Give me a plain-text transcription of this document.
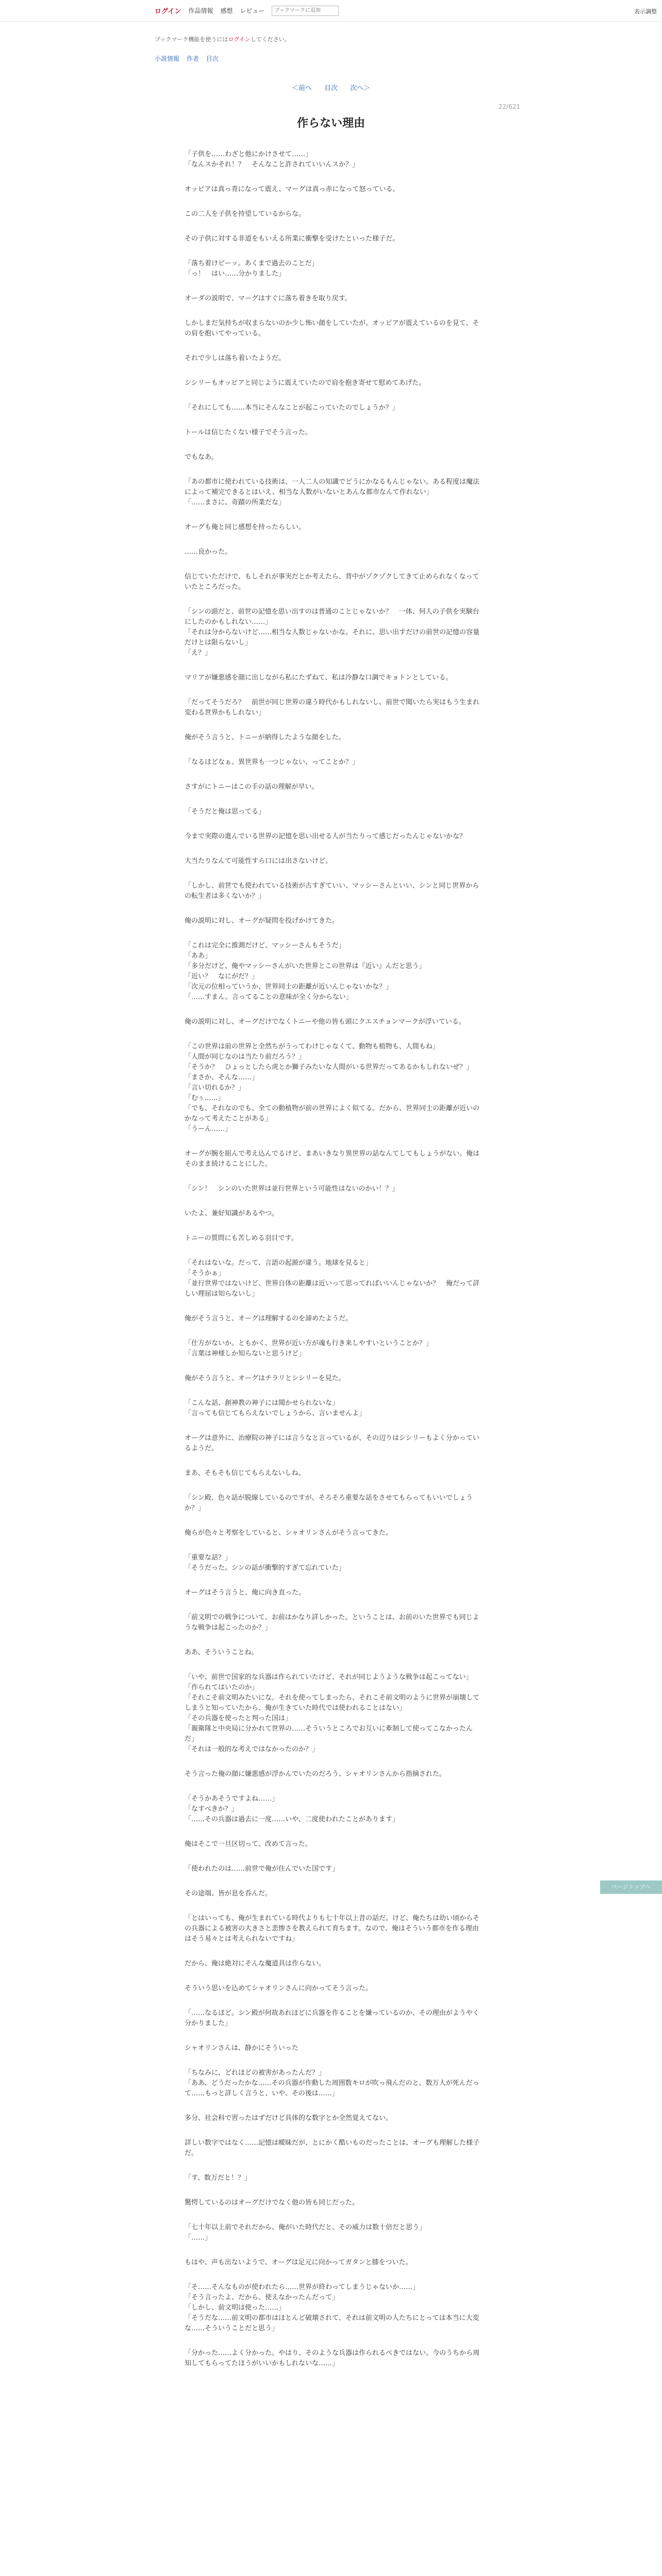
ログイン 作品情報 感想 レビュー
ブックマークに追加	表示調整
ブックマーク機能を使うにはログインしてください。
小説情報 作者 目次
＜前へ 目次 次へ＞
22/621
作らない理由

「子供を……わざと他にかけさせて……」
「なんスかそれ！？　そんなこと許されていいんスか？」

オッピアは真っ青になって震え、マーグは真っ赤になって怒っている。

この二人を子供を持望しているからな。

その子供に対する非道をもいえる所業に衝撃を受けたといった様子だ。

「落ち着けビーッ。あくまで過去のことだ」
「っ！　はい……分かりました」

オーダの説明で、マーグはすぐに落ち着きを取り戻す。

しかしまだ気持ちが収まらないのか少し怖い顔をしていたが、オッピアが震えているのを見て、その肩を抱いてやっている。

それで少しは落ち着いたようだ。

シシリーもオッピアと同じように震えていたので肩を抱き寄せて慰めてあげた。

「それにしても……本当にそんなことが起こっていたのでしょうか？」

トールは信じたくない様子でそう言った。

でもなあ。

「あの都市に使われている技術は、一人二人の知識でどうにかなるもんじゃない。ある程度は魔法によって補完できるとはいえ、相当な人数がいないとあんな都市なんて作れない」
「……まさに、奇蹟の所業だな」

オーグも俺と同じ感想を持ったらしい。

……良かった。

信じていただけで、もしそれが事実だとか考えたら、背中がゾクゾクしてきて止められなくなっていたところだった。

「シンの頭だと、前世の記憶を思い出すのは普通のことじゃないか？　一体、何人の子供を実験台にしたのかもしれない……」
「それは分からないけど……相当な人数じゃないかな。それに、思い出すだけの前世の記憶の容量だけとは限らないし」
「え？」

マリアが嫌悪感を顔に出しながら私にたずねて、私は冷静な口調でキョトンとしている。

「だってそうだろ？　前世が同じ世界の違う時代かもしれないし、前世で聞いたら実はもう生まれ変わる世界かもしれない」

俺がそう言うと、トニーが納得したような顔をした。

「なるほどなぁ。異世界も一つじゃない、ってことか？」

さすがにトニーはこの手の話の理解が早い。

「そうだと俺は思ってる」

今まで実際の進んでいる世界の記憶を思い出せる人が当たりって感じだったんじゃないかな？

大当たりなんて可能性すら口には出さないけど。

「しかし、前世でも使われている技術が古すぎていい、マッシーさんといい、シンと同じ世界からの転生者は多くないか？」

俺の説明に対し、オーグが疑問を投げかけてきた。

「これは完全に推測だけど、マッシーさんもそうだ」
「ああ」
「多分だけど、俺やマッシーさんがいた世界とこの世界は『近い』んだと思う」
「近い？　なにがだ？」
「次元の位相っていうか、世界同士の距離が近いんじゃないかな？」
「……すまん。言ってることの意味が全く分からない」

俺の説明に対し、オーグだけでなくトニーや他の皆も頭にクエスチョンマークが浮いている。

「この世界は前の世界と全然ちがうってわけじゃなくて、動物も植物も、人間もね」
「人間が同じなのは当たり前だろう？」
「そうか？　ひょっとしたら虎とか獅子みたいな人間がいる世界だってあるかもしれないぜ？」
「まさか、そんな……」
「言い切れるか？」
「むぅ……」
「でも、それなのでも、全ての動植物が前の世界によく似てる。だから、世界同士の距離が近いのかなって考えたことがある」
「うーん……」

オーグが腕を組んで考え込んでるけど、まあいきなり異世界の話なんてしてもしょうがない。俺はそのまま続けることにした。

「シン！　シンのいた世界は並行世界という可能性はないのかい！？」

いたよ、兼好知識があるやつ。

トニーの質問にも苦しめる羽目です。

「それはないな。だって、言語の起源が違う。地球を見ると」
「そうかぁ」
「並行世界ではないけど、世界自体の距離は近いって思ってればいいんじゃないか？　俺だって詳しい理屈は知らないし」

俺がそう言うと、オーグは理解するのを諦めたようだ。

「仕方がないか。ともかく、世界が近い方が魂も行き来しやすいということか？」
「言葉は神様しか知らないと思うけど」

俺がそう言うと、オーグはチラリとシシリーを見た。

「こんな話、創神教の神子には聞かせられないな」
「言っても信じてもらえないでしょうから、言いませんよ」

オーグは意外に、治療院の神子には言うなと言っているが、その辺りはシシリーもよく分かっているようだ。

まあ、そもそも信じてもらえないしね。

「シン殿、色々話が脱線しているのですが、そろそろ重要な話をさせてもらってもいいでしょうか？」

俺らが色々と考察をしていると、シャオリンさんがそう言ってきた。

「重要な話？」
「そうだった。シンの話が衝撃的すぎて忘れていた」

オーグはそう言うと、俺に向き直った。

「前文明での戦争について、お前はかなり詳しかった。ということは、お前のいた世界でも同じような戦争は起こったのか？」

ああ、そういうことね。

「いや、前世で国家的な兵器は作られていたけど、それが同じようような戦争は起こってない」
「作られてはいたのか」
「それこそ前文明みたいにな。それを使ってしまったら、それこそ前文明のように世界が崩壊してしまうと知っていたから、俺が生きていた時代では使われることはない」
「その兵器を使ったと判った国は」
「親衛隊と中央局に分かれて世界の……そういうところでお互いに牽制して使ってこなかったんだ」
「それは一般的な考えではなかったのか？」

そう言った俺の顔に嫌悪感が浮かんでいたのだろう、シャオリンさんから指摘された。

「そうかあそうですよね……」
「なすべきか？」
「……その兵器は過去に一度……いや、二度使われたことがあります」

俺はそこで一旦区切って、改めて言った。

「使われたのは……前世で俺が住んでいた国です」

その途端、皆が息を呑んだ。

「とはいっても、俺が生まれている時代よりも七十年以上昔の話だ。けど、俺たちは幼い頃からその兵器による被害の大きさと悲惨さを教えられて育ちます。なので、俺はそういう都市を作る理由はそう易々とは考えられないですね」

だから、俺は絶対にそんな魔道具は作らない。

そういう思いを込めてシャオリンさんに向かってそう言った。

「……なるほど。シン殿が何故あれほどに兵器を作ることを嫌っているのか、その理由がようやく分かりました」

シャオリンさんは、静かにそういった

「ちなみに、どれほどの被害があったんだ？」
「ああ、どうだったかな……その兵器が作動した周囲数キロが吹っ飛んだのと、数万人が死んだって……もっと詳しく言うと、いや、その後は……」

多分、社会科で習ったはずだけど具体的な数字とか全然覚えてない。

詳しい数字ではなく……記憶は曖昧だが、とにかく酷いものだったことは、オーグも理解した様子だ。

「す、数万だと！？」

驚愕しているのはオーグだけでなく他の皆も同じだった。

「七十年以上前でそれだから、俺がいた時代だと、その威力は数十倍だと思う」
「……」

もはや、声も出ないようで、オーグは足元に向かってガタンと膝をついた。

「そ……そんなものが使われたら……世界が終わってしまうじゃないか……」
「そう言ったよ、だから、使えなかったんだって」
「しかし、前文明は使った……」
「そうだな……前文明の都市はほとんど破壊されて、それは前文明の人たちにとっては本当に大変な……そういうことだと思う」

「分かった……よく分かった。やはり、そのような兵器は作られるべきではない。今のうちから周知してもらってたほうがいいかもしれないな……」

ページトップへ
